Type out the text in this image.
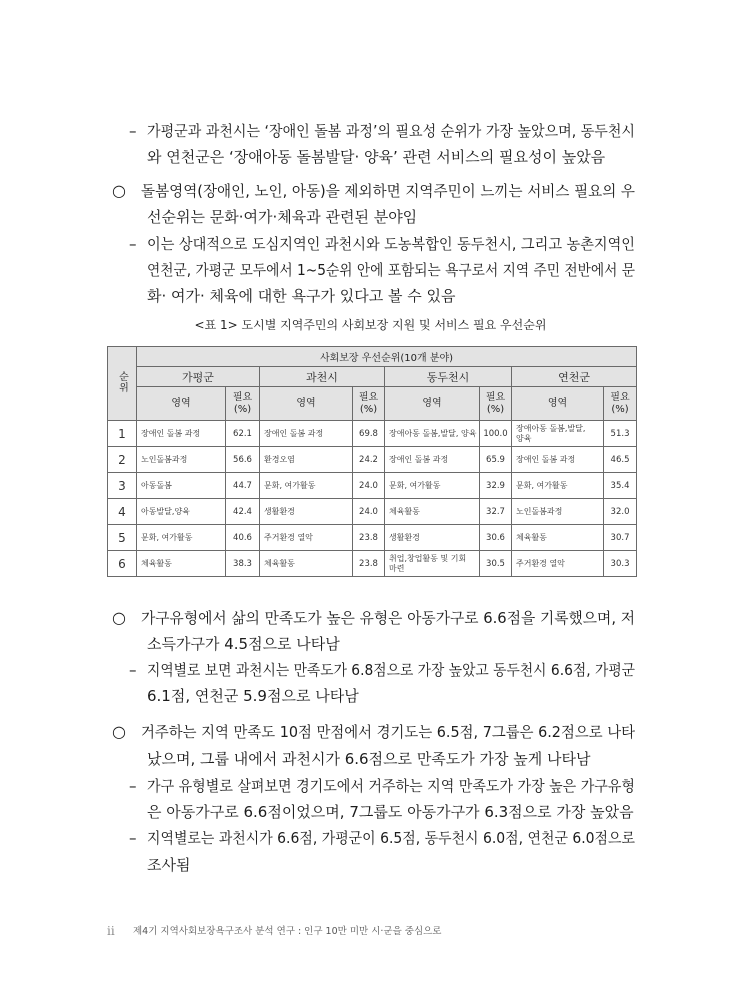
– 가평군과 과천시는 ‘장애인 돌봄 과정’의 필요성 순위가 가장 높았으며, 동두천시
와 연천군은 ‘장애아동 돌봄발달· 양육’ 관련 서비스의 필요성이 높았음
○ 돌봄영역(장애인, 노인, 아동)을 제외하면 지역주민이 느끼는 서비스 필요의 우
선순위는 문화·여가·체육과 관련된 분야임
– 이는 상대적으로 도심지역인 과천시와 도농복합인 동두천시, 그리고 농촌지역인
연천군, 가평군 모두에서 1~5순위 안에 포함되는 욕구로서 지역 주민 전반에서 문
화· 여가· 체육에 대한 욕구가 있다고 볼 수 있음
<표 1> 도시별 지역주민의 사회보장 지원 및 서비스 필요 우선순위
순위	사회보장 우선순위(10개 분야)							
	가평군		과천시		동두천시		연천군	
	영역	필요(%)	영역	필요(%)	영역	필요(%)	영역	필요(%)
1	장애인 돌봄 과정	62.1	장애인 돌봄 과정	69.8	장애아동 돌봄,발달, 양육	100.0	장애아동 돌봄,발달, 양육	51.3
2	노인돌봄과정	56.6	환경오염	24.2	장애인 돌봄 과정	65.9	장애인 돌봄 과정	46.5
3	아동돌봄	44.7	문화, 여가활동	24.0	문화, 여가활동	32.9	문화, 여가활동	35.4
4	아동발달,양육	42.4	생활환경	24.0	체육활동	32.7	노인돌봄과정	32.0
5	문화, 여가활동	40.6	주거환경 열악	23.8	생활환경	30.6	체육활동	30.7
6	체육활동	38.3	체육활동	23.8	취업,창업활동 및 기회 마련	30.5	주거환경 열악	30.3
○ 가구유형에서 삶의 만족도가 높은 유형은 아동가구로 6.6점을 기록했으며, 저
소득가구가 4.5점으로 나타남
– 지역별로 보면 과천시는 만족도가 6.8점으로 가장 높았고 동두천시 6.6점, 가평군
6.1점, 연천군 5.9점으로 나타남
○ 거주하는 지역 만족도 10점 만점에서 경기도는 6.5점, 7그룹은 6.2점으로 나타
났으며, 그룹 내에서 과천시가 6.6점으로 만족도가 가장 높게 나타남
– 가구 유형별로 살펴보면 경기도에서 거주하는 지역 만족도가 가장 높은 가구유형
은 아동가구로 6.6점이었으며, 7그룹도 아동가구가 6.3점으로 가장 높았음
– 지역별로는 과천시가 6.6점, 가평군이 6.5점, 동두천시 6.0점, 연천군 6.0점으로
조사됨
ii 제4기 지역사회보장욕구조사 분석 연구 : 인구 10만 미만 시·군을 중심으로
